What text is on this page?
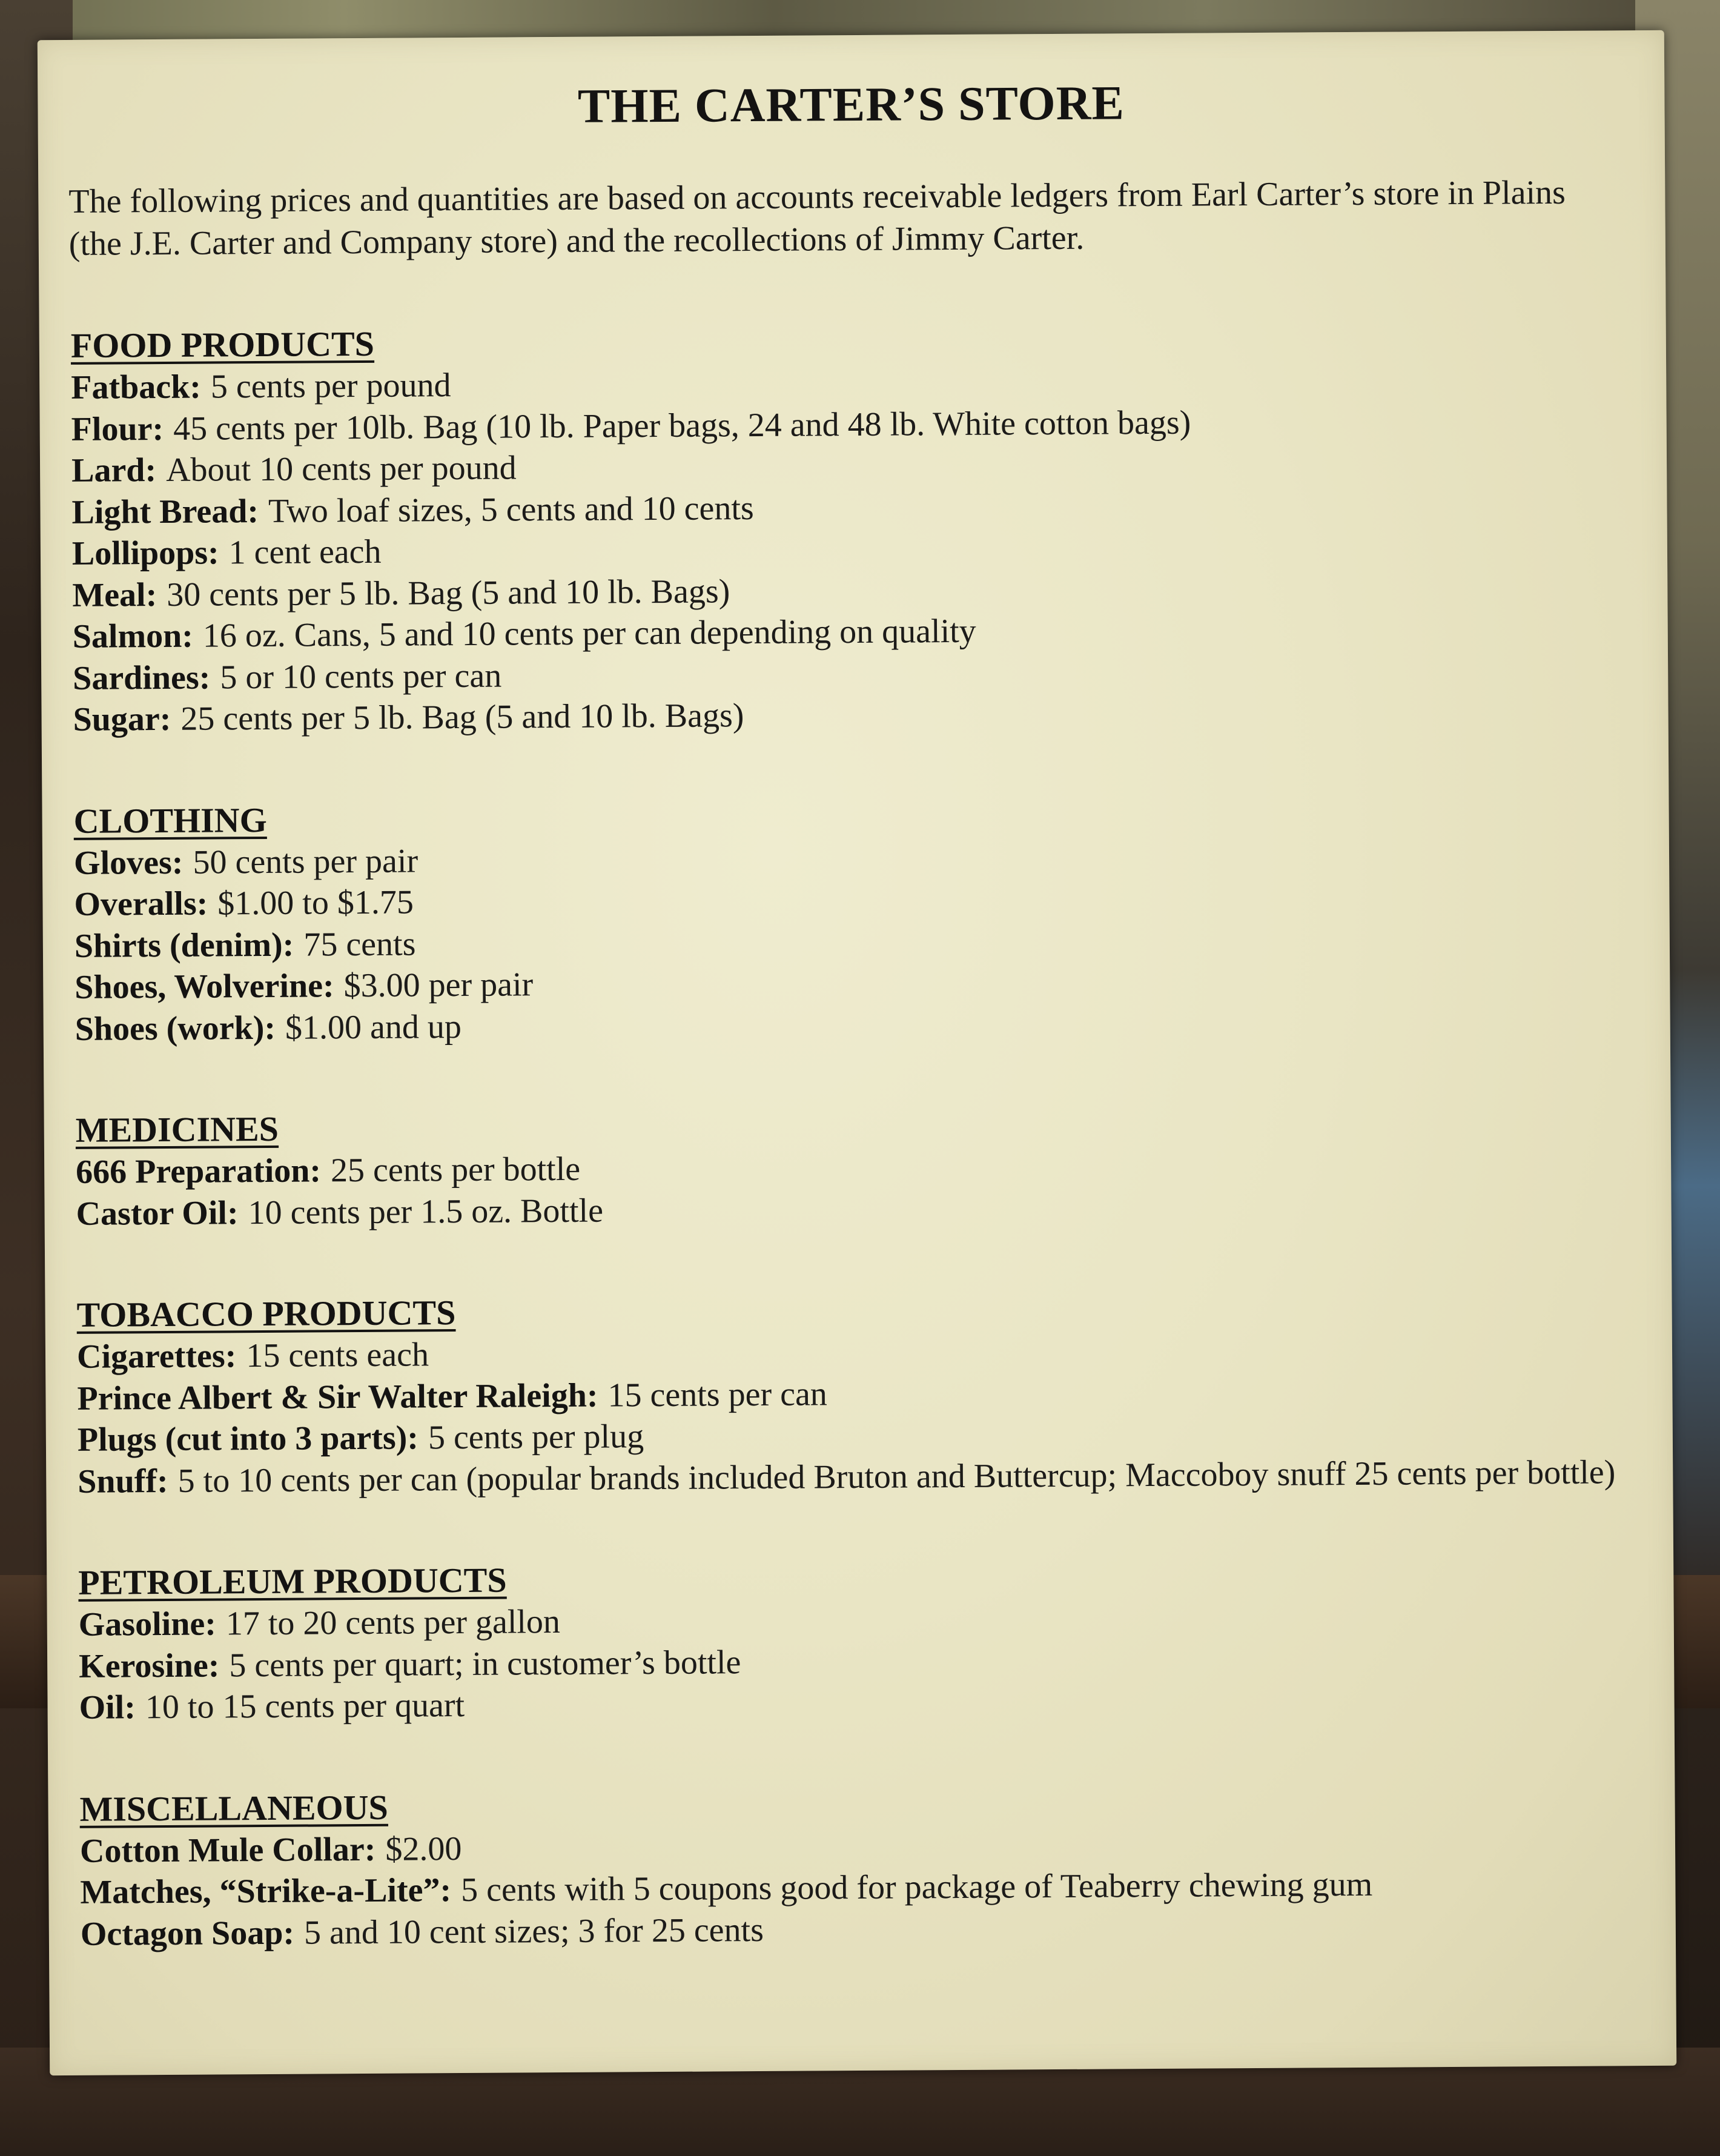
THE CARTER’S STORE
The following prices and quantities are based on accounts receivable ledgers from Earl Carter’s store in Plains (the J.E. Carter and Company store) and the recollections of Jimmy Carter.
FOOD PRODUCTS
Fatback: 5 cents per pound
Flour: 45 cents per 10lb. Bag (10 lb. Paper bags, 24 and 48 lb. White cotton bags)
Lard: About 10 cents per pound
Light Bread: Two loaf sizes, 5 cents and 10 cents
Lollipops: 1 cent each
Meal: 30 cents per 5 lb. Bag (5 and 10 lb. Bags)
Salmon: 16 oz. Cans, 5 and 10 cents per can depending on quality
Sardines: 5 or 10 cents per can
Sugar: 25 cents per 5 lb. Bag (5 and 10 lb. Bags)
CLOTHING
Gloves: 50 cents per pair
Overalls: $1.00 to $1.75
Shirts (denim): 75 cents
Shoes, Wolverine: $3.00 per pair
Shoes (work): $1.00 and up
MEDICINES
666 Preparation: 25 cents per bottle
Castor Oil: 10 cents per 1.5 oz. Bottle
TOBACCO PRODUCTS
Cigarettes: 15 cents each
Prince Albert & Sir Walter Raleigh: 15 cents per can
Plugs (cut into 3 parts): 5 cents per plug
Snuff: 5 to 10 cents per can (popular brands included Bruton and Buttercup; Maccoboy snuff 25 cents per bottle)
PETROLEUM PRODUCTS
Gasoline: 17 to 20 cents per gallon
Kerosine: 5 cents per quart; in customer’s bottle
Oil: 10 to 15 cents per quart
MISCELLANEOUS
Cotton Mule Collar: $2.00
Matches, “Strike-a-Lite”: 5 cents with 5 coupons good for package of Teaberry chewing gum
Octagon Soap: 5 and 10 cent sizes; 3 for 25 cents
